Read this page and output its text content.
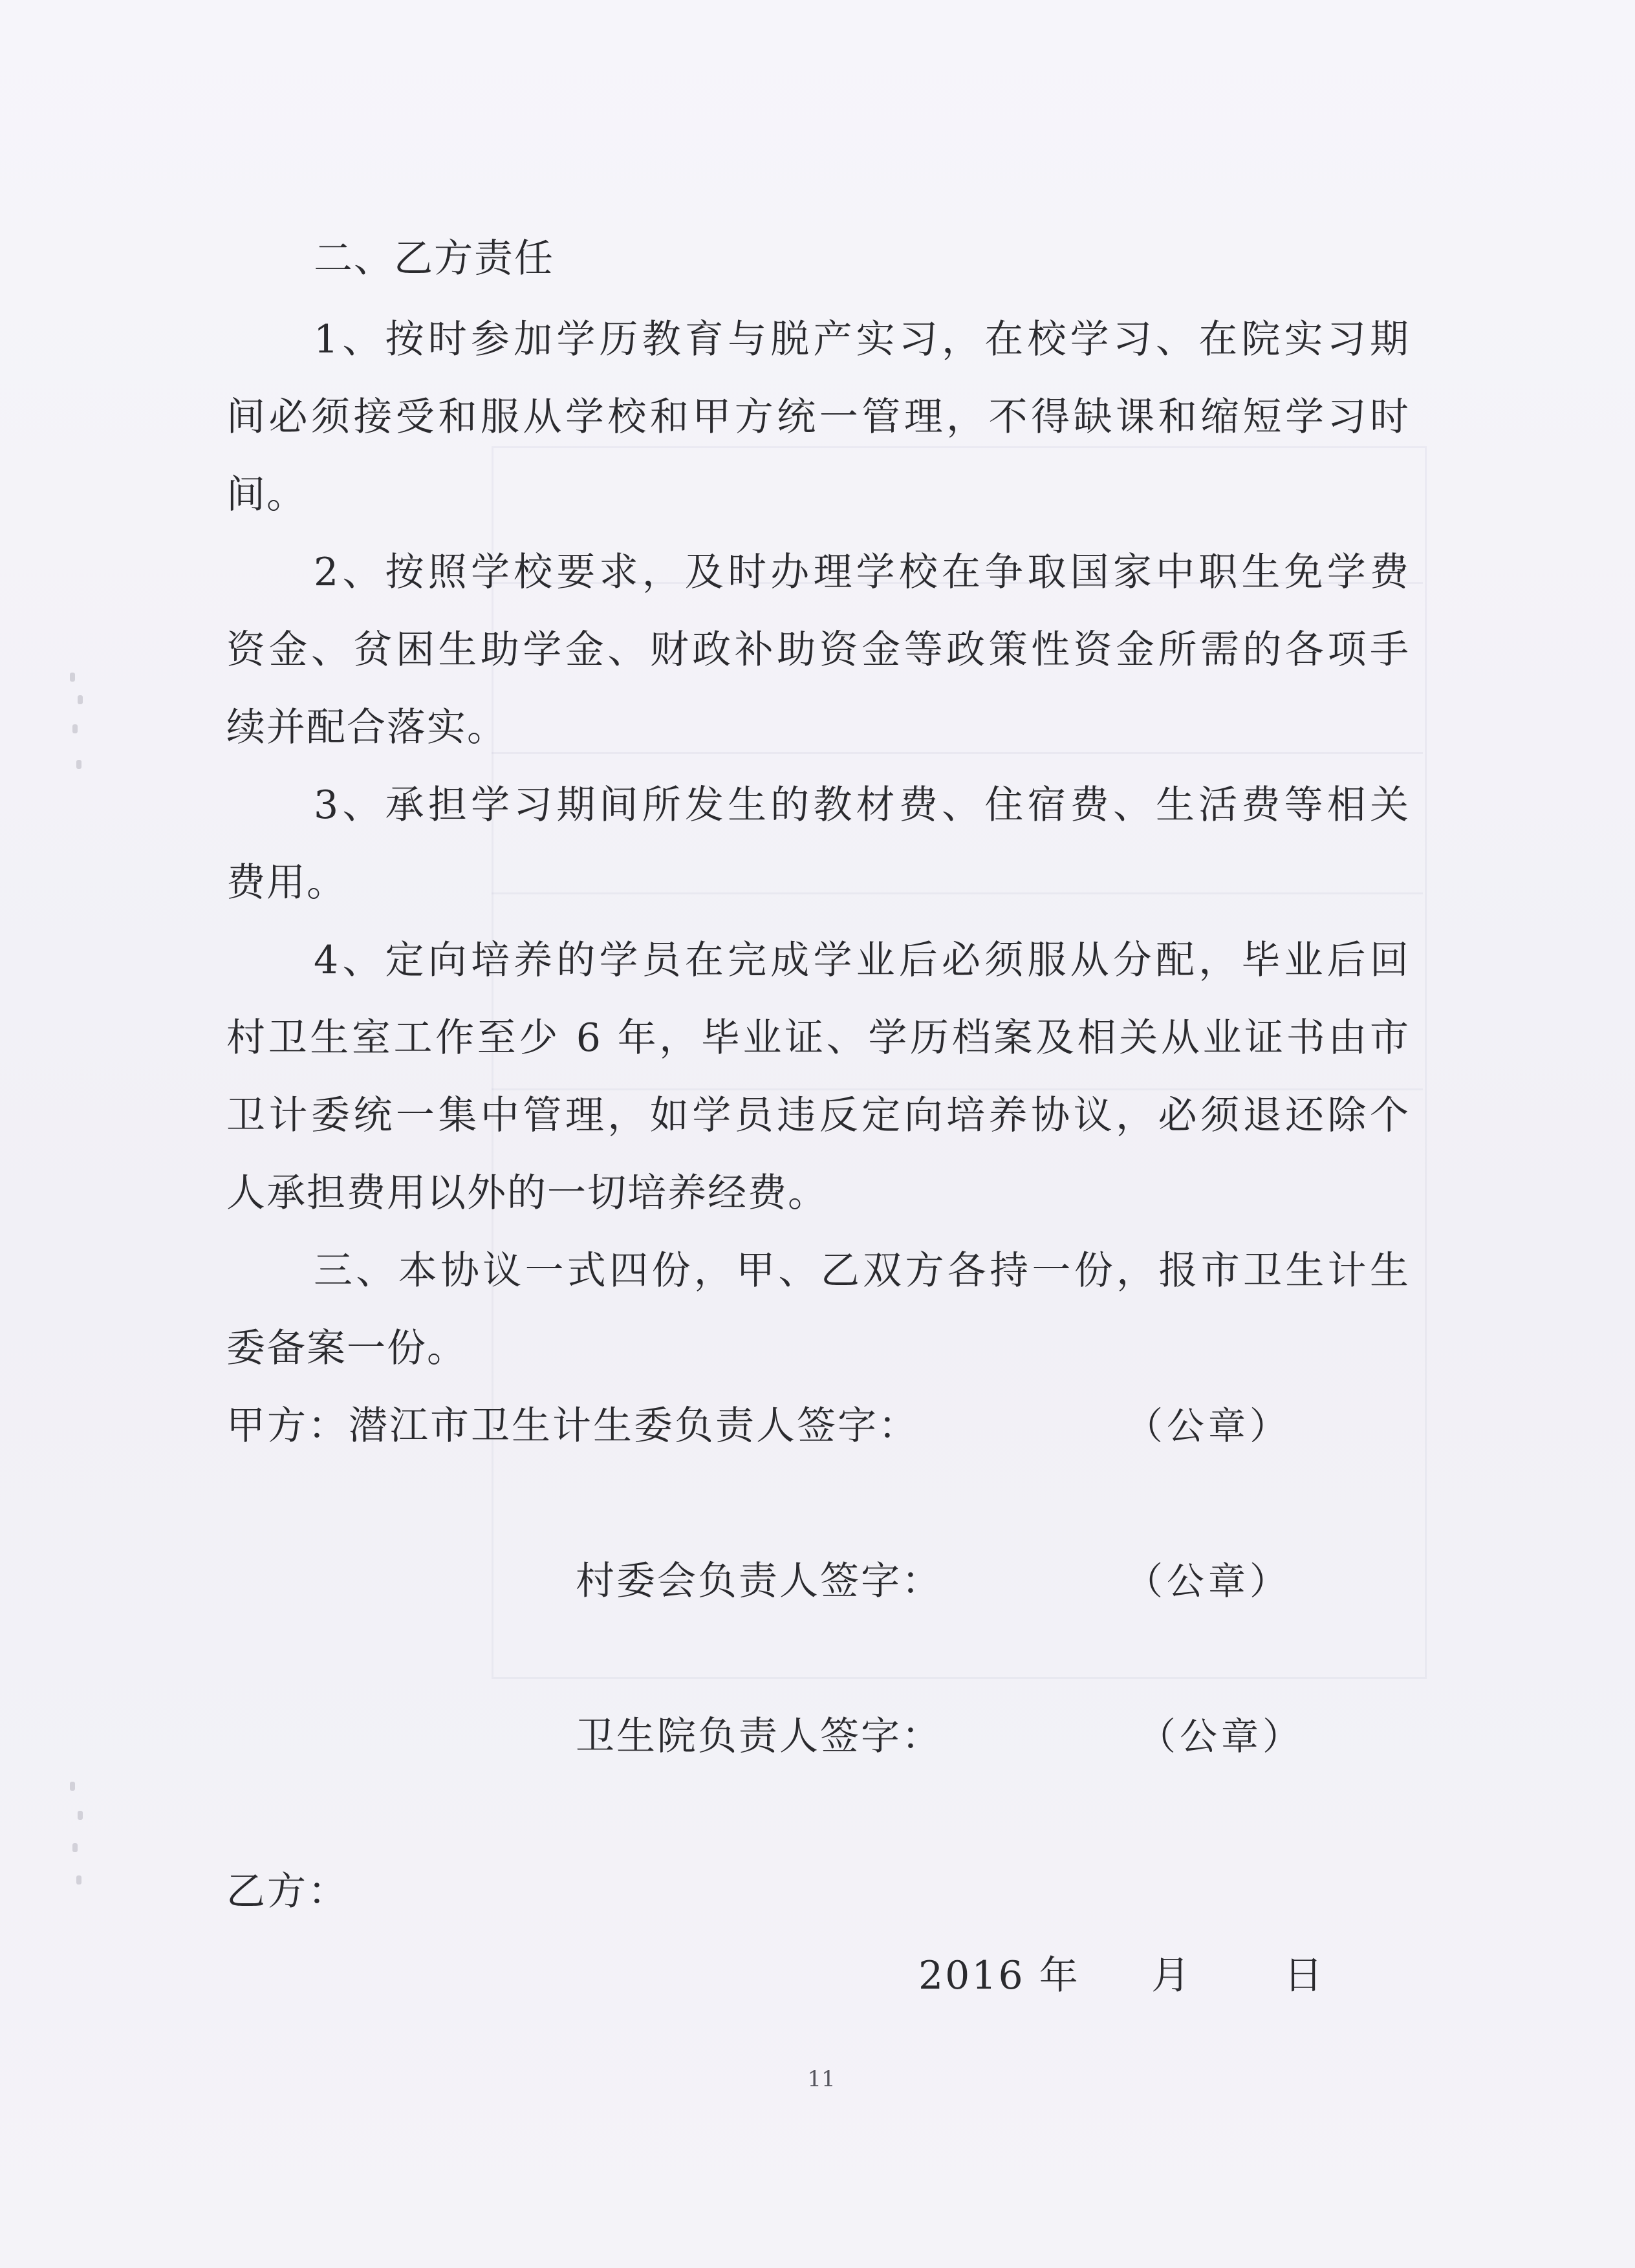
二、乙方责任
1、按时参加学历教育与脱产实习，在校学习、在院实习期
间必须接受和服从学校和甲方统一管理，不得缺课和缩短学习时
间。
2、按照学校要求，及时办理学校在争取国家中职生免学费
资金、贫困生助学金、财政补助资金等政策性资金所需的各项手
续并配合落实。
3、承担学习期间所发生的教材费、住宿费、生活费等相关
费用。
4、定向培养的学员在完成学业后必须服从分配，毕业后回
村卫生室工作至少 6 年，毕业证、学历档案及相关从业证书由市
卫计委统一集中管理，如学员违反定向培养协议，必须退还除个
人承担费用以外的一切培养经费。
三、本协议一式四份，甲、乙双方各持一份，报市卫生计生
委备案一份。
甲方：潜江市卫生计生委负责人签字：	（公章）
村委会负责人签字：	（公章）
卫生院负责人签字：	（公章）
乙方：
2016 年 月 日
11
